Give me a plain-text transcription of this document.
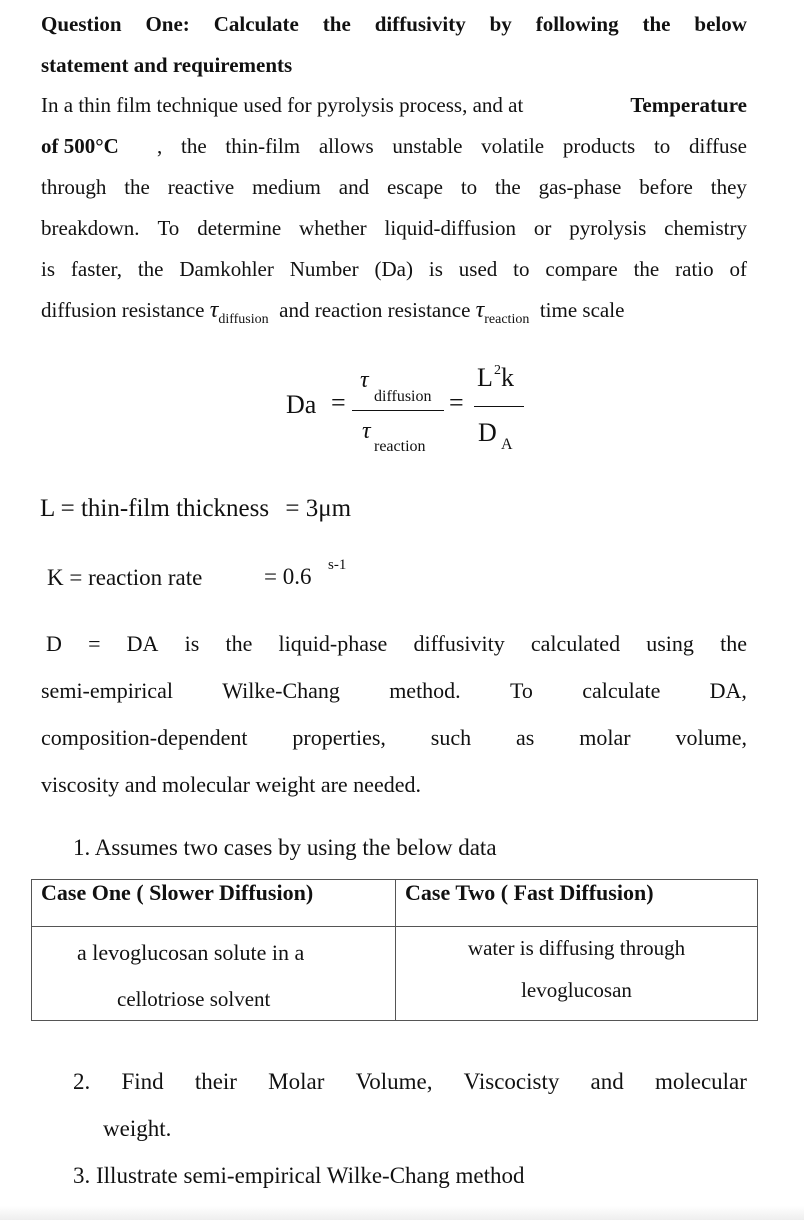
Question One: Calculate the diffusivity by following the below
statement and requirements
In a thin film technique used for pyrolysis process, and at	Temperature
of 500°C , the thin-film allows unstable volatile products to diffuse
through the reactive medium and escape to the gas-phase before they
breakdown. To determine whether liquid-diffusion or pyrolysis chemistry
is faster, the Damkohler Number (Da) is used to compare the ratio of
diffusion resistance $\tau_{diffusion}$ and reaction resistance $\tau_{reaction}$ time scale
Da =
τ
diffusion
τ
reaction
=
L 2 k
D A
L = thin-film thickness = 3μm
K = reaction rate	= 0.6 s-1
D = DA is the liquid-phase diffusivity calculated using the
semi-empirical Wilke-Chang method. To calculate DA,
composition-dependent properties, such as molar volume,
viscosity and molecular weight are needed.
1. Assumes two cases by using the below data
Case One ( Slower Diffusion)	Case Two ( Fast Diffusion)

a levoglucosan solute in a
cellotriose solvent	water is diffusing through
levoglucosan
2. Find their Molar Volume, Viscocisty and molecular
weight.
3. Illustrate semi-empirical Wilke-Chang method
